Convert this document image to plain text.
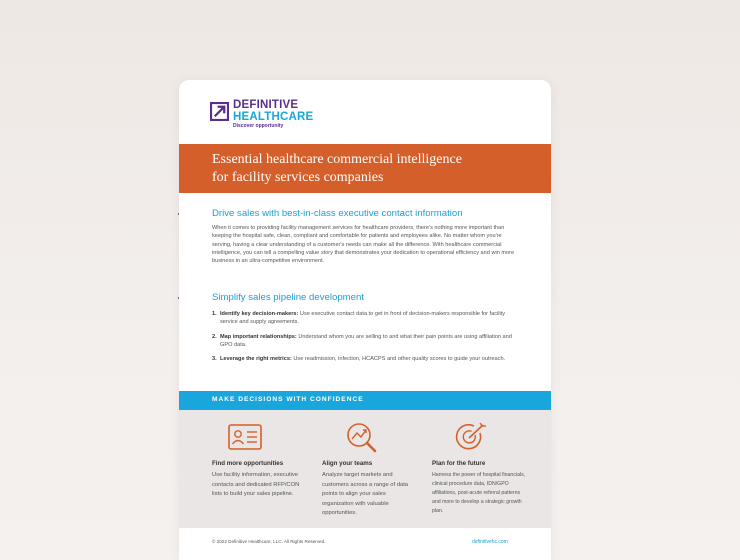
DEFINITIVE
HEALTHCARE
Discover opportunity
Essential healthcare commercial intelligence
for facility services companies
Drive sales with best-in-class executive contact information
When it comes to providing facility management services for healthcare providers, there's nothing more important than keeping the hospital safe, clean, compliant and comfortable for patients and employees alike. No matter whom you're serving, having a clear understanding of a customer's needs can make all the difference. With healthcare commercial intelligence, you can tell a compelling value story that demonstrates your dedication to operational efficiency and win more business in an ultra-competitive environment.
Simplify sales pipeline development
1. Identify key decision-makers: Use executive contact data to get in front of decision-makers responsible for facility service and supply agreements.
2. Map important relationships: Understand whom you are selling to and what their pain points are using affiliation and GPO data.
3. Leverage the right metrics: Use readmission, infection, HCACPS and other quality scores to guide your outreach.
MAKE DECISIONS WITH CONFIDENCE
Find more opportunities
Use facility information, executive contacts and dedicated RFP/CON lists to build your sales pipeline.
Align your teams
Analyze target markets and customers across a range of data points to align your sales organization with valuable opportunities.
Plan for the future
Harness the power of hospital financials, clinical procedure data, IDN/GPO affiliations, post-acute referral patterns and more to develop a strategic growth plan.
© 2022 Definitive Healthcare, LLC. All Rights Reserved.	definitivehc.com
